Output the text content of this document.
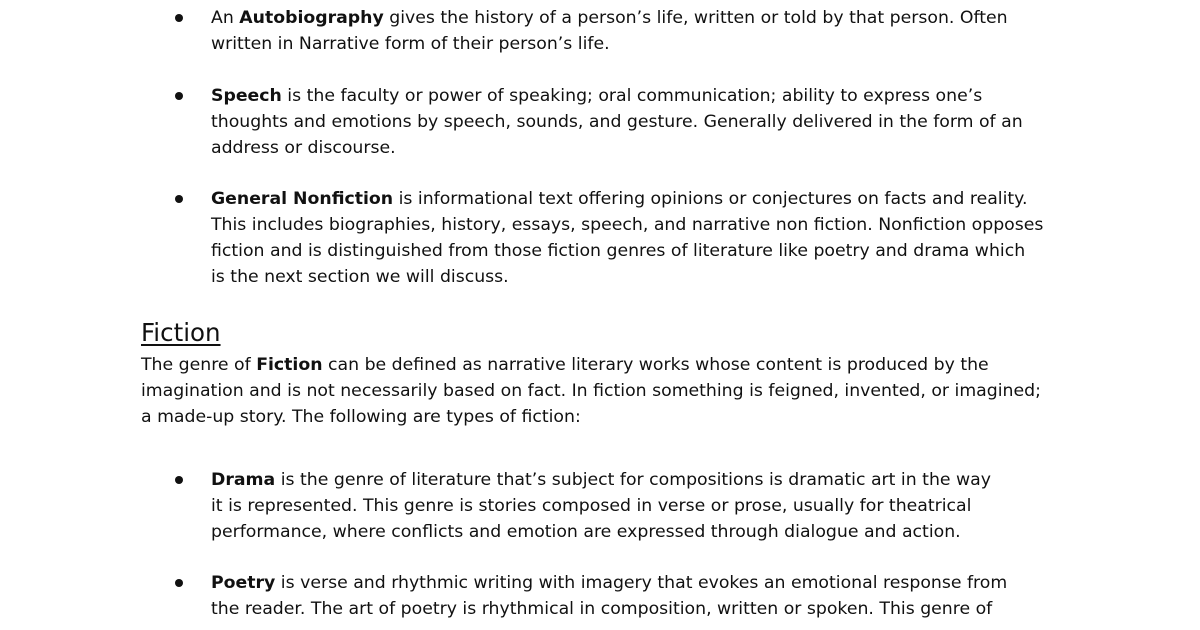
An Autobiography gives the history of a person’s life, written or told by that person. Often
written in Narrative form of their person’s life.
Speech is the faculty or power of speaking; oral communication; ability to express one’s
thoughts and emotions by speech, sounds, and gesture. Generally delivered in the form of an
address or discourse.
General Nonfiction is informational text offering opinions or conjectures on facts and reality.
This includes biographies, history, essays, speech, and narrative non fiction. Nonfiction opposes
fiction and is distinguished from those fiction genres of literature like poetry and drama which
is the next section we will discuss.
Fiction

The genre of Fiction can be defined as narrative literary works whose content is produced by the
imagination and is not necessarily based on fact. In fiction something is feigned, invented, or imagined;
a made-up story. The following are types of fiction:

Drama is the genre of literature that’s subject for compositions is dramatic art in the way
it is represented. This genre is stories composed in verse or prose, usually for theatrical
performance, where conflicts and emotion are expressed through dialogue and action.
Poetry is verse and rhythmic writing with imagery that evokes an emotional response from
the reader. The art of poetry is rhythmical in composition, written or spoken. This genre of
